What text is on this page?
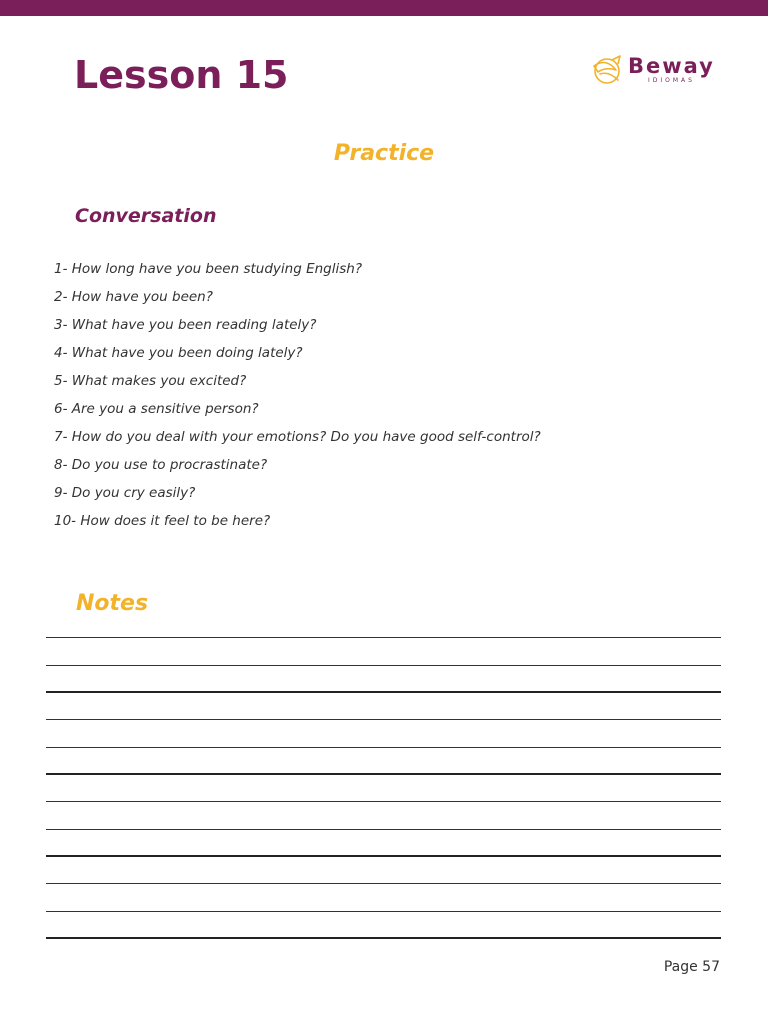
Lesson 15	Beway
IDIOMAS
Practice
Conversation
1- How long have you been studying English?
2- How have you been?
3- What have you been reading lately?
4- What have you been doing lately?
5- What makes you excited?
6- Are you a sensitive person?
7- How do you deal with your emotions? Do you have good self-control?
8- Do you use to procrastinate?
9- Do you cry easily?
10- How does it feel to be here?
Notes
Page 57
